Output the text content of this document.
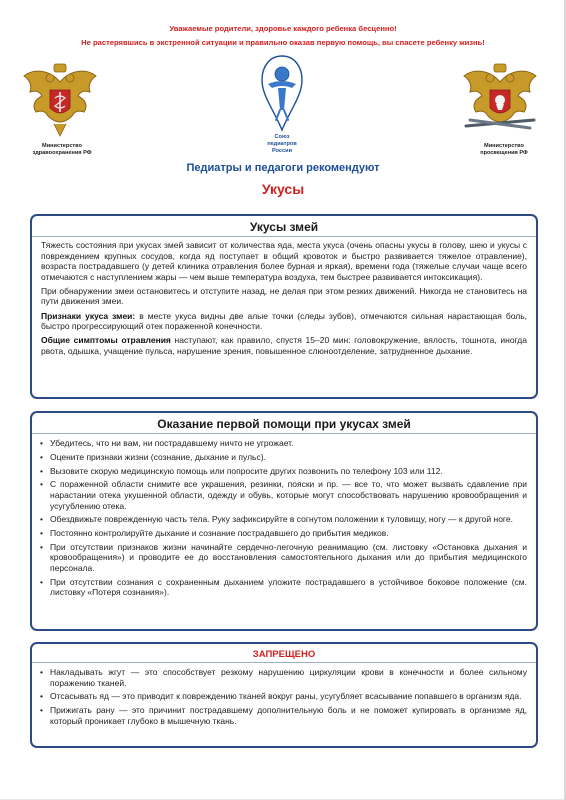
Уважаемые родители, здоровье каждого ребенка бесценно!
Не растерявшись в экстренной ситуации и правильно оказав первую помощь, вы спасете ребенку жизнь!
Министерство
здравоохранения РФ
Союз
педиатров
России
Министерство
просвещения РФ
Педиатры и педагоги рекомендуют
Укусы
Укусы змей

Тяжесть состояния при укусах змей зависит от количества яда, места укуса (очень опасны укусы в голову, шею и укусы с повреждением крупных сосудов, когда яд поступает в общий кровоток и быстро развивается тяжелое отравление), возраста пострадавшего (у детей клиника отравления более бурная и яркая), времени года (тяжелые случаи чаще всего отмечаются с наступлением жары — чем выше температура воздуха, тем быстрее развивается интоксикация).

При обнаружении змеи остановитесь и отступите назад, не делая при этом резких движений. Никогда не становитесь на пути движения змеи.

Признаки укуса змеи: в месте укуса видны две алые точки (следы зубов), отмечаются сильная нарастающая боль, быстро прогрессирующий отек пораженной конечности.

Общие симптомы отравления наступают, как правило, спустя 15–20 мин: головокружение, вялость, тошнота, иногда рвота, одышка, учащение пульса, нарушение зрения, повышенное слюноотделение, затрудненное дыхание.

Оказание первой помощи при укусах змей
• Убедитесь, что ни вам, ни пострадавшему ничто не угрожает.
• Оцените признаки жизни (сознание, дыхание и пульс).
• Вызовите скорую медицинскую помощь или попросите других позвонить по телефону 103 или 112.
• С пораженной области снимите все украшения, резинки, пояски и пр. — все то, что может вызвать сдавление при нарастании отека укушенной области, одежду и обувь, которые могут способствовать нарушению кровообращения и усугублению отека.
• Обездвижьте поврежденную часть тела. Руку зафиксируйте в согнутом положении к туловищу, ногу — к другой ноге.
• Постоянно контролируйте дыхание и сознание пострадавшего до прибытия медиков.
• При отсутствии признаков жизни начинайте сердечно-легочную реанимацию (см. листовку «Остановка дыхания и кровообращения») и проводите ее до восстановления самостоятельного дыхания или до прибытия медицинского персонала.
• При отсутствии сознания с сохраненным дыханием уложите пострадавшего в устойчивое боковое положение (см. листовку «Потеря сознания»).
ЗАПРЕЩЕНО
• Накладывать жгут — это способствует резкому нарушению циркуляции крови в конечности и более сильному поражению тканей.
• Отсасывать яд — это приводит к повреждению тканей вокруг раны, усугубляет всасывание попавшего в организм яда.
• Прижигать рану — это причинит пострадавшему дополнительную боль и не поможет купировать в организме яд, который проникает глубоко в мышечную ткань.
